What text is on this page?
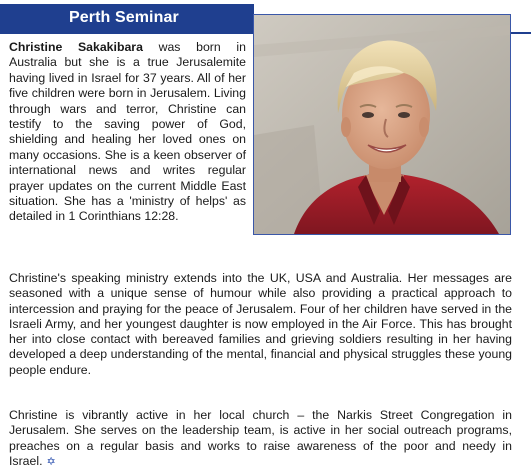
Perth Seminar

Christine Sakakibara was born in Australia but she is a true Jerusalemite having lived in Israel for 37 years. All of her five children were born in Jerusalem. Living through wars and terror, Christine can testify to the saving power of God, shielding and healing her loved ones on many occasions. She is a keen observer of international news and writes regular prayer updates on the current Middle East situation. She has a 'ministry of helps' as detailed in 1 Corinthians 12:28.

Christine's speaking ministry extends into the UK, USA and Australia. Her messages are seasoned with a unique sense of humour while also providing a practical approach to intercession and praying for the peace of Jerusalem. Four of her children have served in the Israeli Army, and her youngest daughter is now employed in the Air Force. This has brought her into close contact with bereaved families and grieving soldiers resulting in her having developed a deep understanding of the mental, financial and physical struggles these young people endure.

Christine is vibrantly active in her local church – the Narkis Street Congregation in Jerusalem. She serves on the leadership team, is active in her social outreach programs, preaches on a regular basis and works to raise awareness of the poor and needy in Israel. ✡
